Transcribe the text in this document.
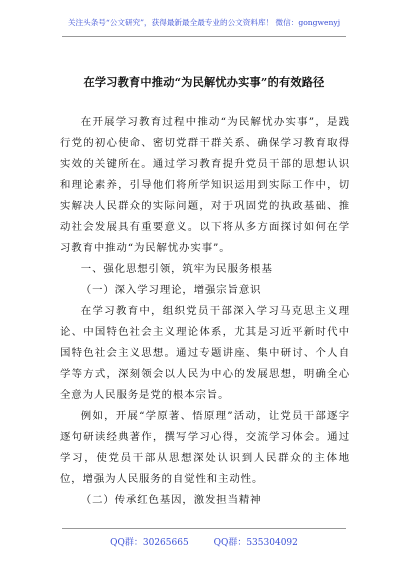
关注头条号“公文研究”，获得最新最全最专业的公文资料库！ 微信：gongwenyj
在学习教育中推动“为民解忧办实事”的有效路径

在开展学习教育过程中推动“为民解忧办实事”，是践行党的初心使命、密切党群干群关系、确保学习教育取得实效的关键所在。通过学习教育提升党员干部的思想认识和理论素养，引导他们将所学知识运用到实际工作中，切实解决人民群众的实际问题，对于巩固党的执政基础、推动社会发展具有重要意义。以下将从多方面探讨如何在学习教育中推动“为民解忧办实事”。

一、强化思想引领，筑牢为民服务根基

（一）深入学习理论，增强宗旨意识

在学习教育中，组织党员干部深入学习马克思主义理论、中国特色社会主义理论体系，尤其是习近平新时代中国特色社会主义思想。通过专题讲座、集中研讨、个人自学等方式，深刻领会以人民为中心的发展思想，明确全心全意为人民服务是党的根本宗旨。

例如，开展“学原著、悟原理”活动，让党员干部逐字逐句研读经典著作，撰写学习心得，交流学习体会。通过学习，使党员干部从思想深处认识到人民群众的主体地位，增强为人民服务的自觉性和主动性。

（二）传承红色基因，激发担当精神

QQ群：30265665	QQ群：535304092
